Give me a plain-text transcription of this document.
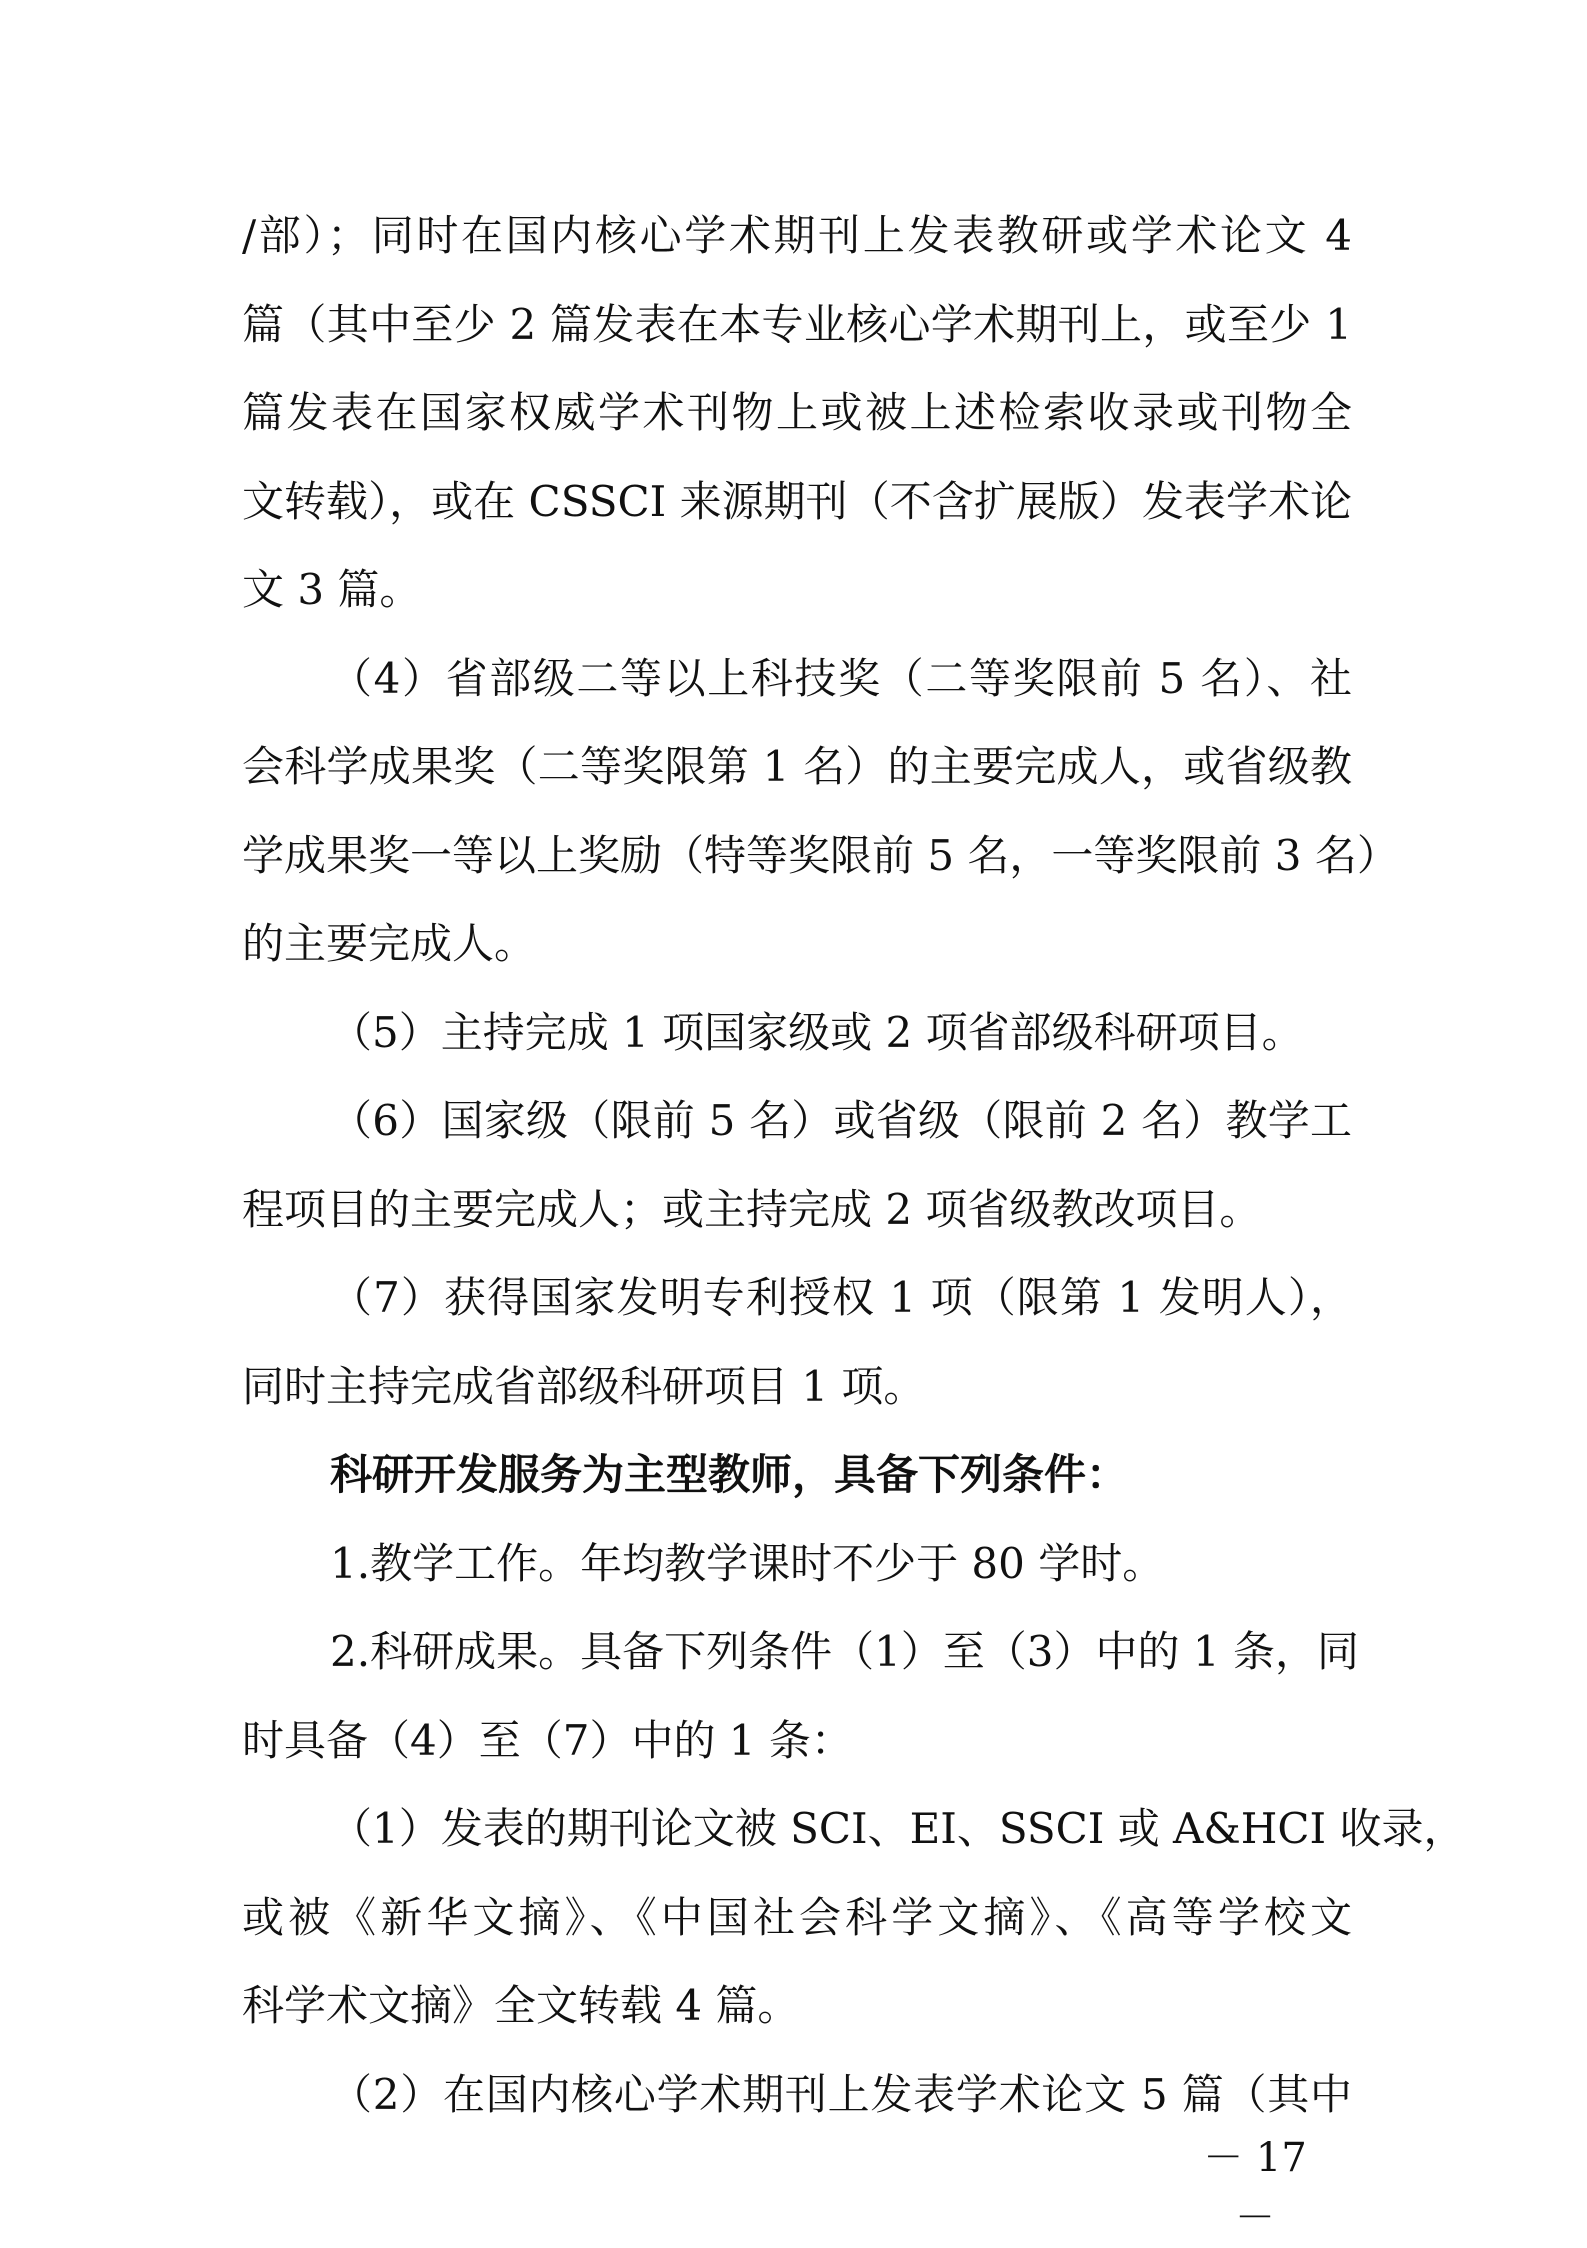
/部）；同时在国内核心学术期刊上发表教研或学术论文 4
篇（其中至少 2 篇发表在本专业核心学术期刊上，或至少 1
篇发表在国家权威学术刊物上或被上述检索收录或刊物全
文转载），或在 CSSCI 来源期刊（不含扩展版）发表学术论
文 3 篇。
（4）省部级二等以上科技奖（二等奖限前 5 名）、社
会科学成果奖（二等奖限第 1 名）的主要完成人，或省级教
学成果奖一等以上奖励（特等奖限前 5 名，一等奖限前 3 名）
的主要完成人。
（5）主持完成 1 项国家级或 2 项省部级科研项目。
（6）国家级（限前 5 名）或省级（限前 2 名）教学工
程项目的主要完成人；或主持完成 2 项省级教改项目。
（7）获得国家发明专利授权 1 项（限第 1 发明人），
同时主持完成省部级科研项目 1 项。
科研开发服务为主型教师，具备下列条件：
1.教学工作。年均教学课时不少于 80 学时。
2.科研成果。具备下列条件（1）至（3）中的 1 条，同
时具备（4）至（7）中的 1 条：
（1）发表的期刊论文被 SCI、EI、SSCI 或 A&HCI 收录，
或被《新华文摘》、《中国社会科学文摘》、《高等学校文
科学术文摘》全文转载 4 篇。
（2）在国内核心学术期刊上发表学术论文 5 篇（其中
－ 17 －
